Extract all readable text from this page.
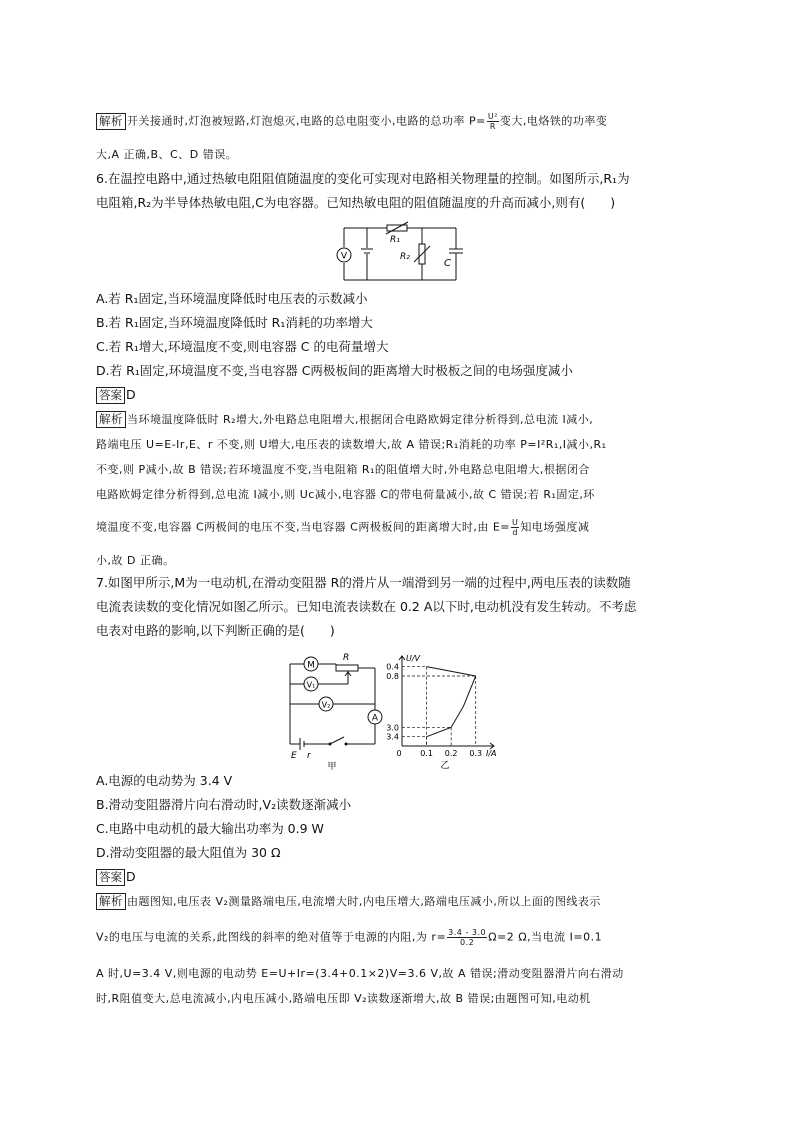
解析 开关接通时,灯泡被短路,灯泡熄灭,电路的总电阻变小,电路的总功率 $P= \frac{\text{U²}}{R}$ 变大,电烙铁的功率变
大,A 正确,B、C、D 错误。
6.在温控电路中,通过热敏电阻阻值随温度的变化可实现对电路相关物理量的控制。如图所示,R₁为
电阻箱,R₂为半导体热敏电阻,C为电容器。已知热敏电阻的阻值随温度的升高而减小,则有(　　)
V
R₁
R₂
C
A.若 R₁固定,当环境温度降低时电压表的示数减小
B.若 R₁固定,当环境温度降低时 R₁消耗的功率增大
C.若 R₁增大,环境温度不变,则电容器 C 的电荷量增大
D.若 R₁固定,环境温度不变,当电容器 C两极板间的距离增大时极板之间的电场强度减小
答案 D
解析 当环境温度降低时 R₂增大,外电路总电阻增大,根据闭合电路欧姆定律分析得到,总电流 I减小,
路端电压 U=E-Ir,E、r 不变,则 U增大,电压表的读数增大,故 A 错误;R₁消耗的功率 P=I²R₁,I减小,R₁
不变,则 P减小,故 B 错误;若环境温度不变,当电阻箱 R₁的阻值增大时,外电路总电阻增大,根据闭合
电路欧姆定律分析得到,总电流 I减小,则 Uc减小,电容器 C的带电荷量减小,故 C 错误;若 R₁固定,环
境温度不变,电容器 C两极间的电压不变,当电容器 C两极板间的距离增大时,由 $E= \frac{U}{d}$ 知电场强度减
小,故 D 正确。
7.如图甲所示,M为一电动机,在滑动变阻器 R的滑片从一端滑到另一端的过程中,两电压表的读数随
电流表读数的变化情况如图乙所示。已知电流表读数在 0.2 A以下时,电动机没有发生转动。不考虑
电表对电路的影响,以下判断正确的是(　　)
M
V₁
V₂
A
R
E r
甲
3.4
3.0
0.8
0.4
0.1 0.2 0.3
0
U/V
I/A
乙
A.电源的电动势为 3.4 V
B.滑动变阻器滑片向右滑动时,V₂读数逐渐减小
C.电路中电动机的最大输出功率为 0.9 W
D.滑动变阻器的最大阻值为 30 Ω
答案 D
解析 由题图知,电压表 V₂测量路端电压,电流增大时,内电压增大,路端电压减小,所以上面的图线表示
V₂的电压与电流的关系,此图线的斜率的绝对值等于电源的内阻,为 $r= \frac{3.4 - 3.0}{0.2} \Omega=2$ Ω,当电流 I=0.1
A 时,U=3.4 V,则电源的电动势 E=U+Ir=(3.4+0.1×2)V=3.6 V,故 A 错误;滑动变阻器滑片向右滑动
时,R阻值变大,总电流减小,内电压减小,路端电压即 V₂读数逐渐增大,故 B 错误;由题图可知,电动机
